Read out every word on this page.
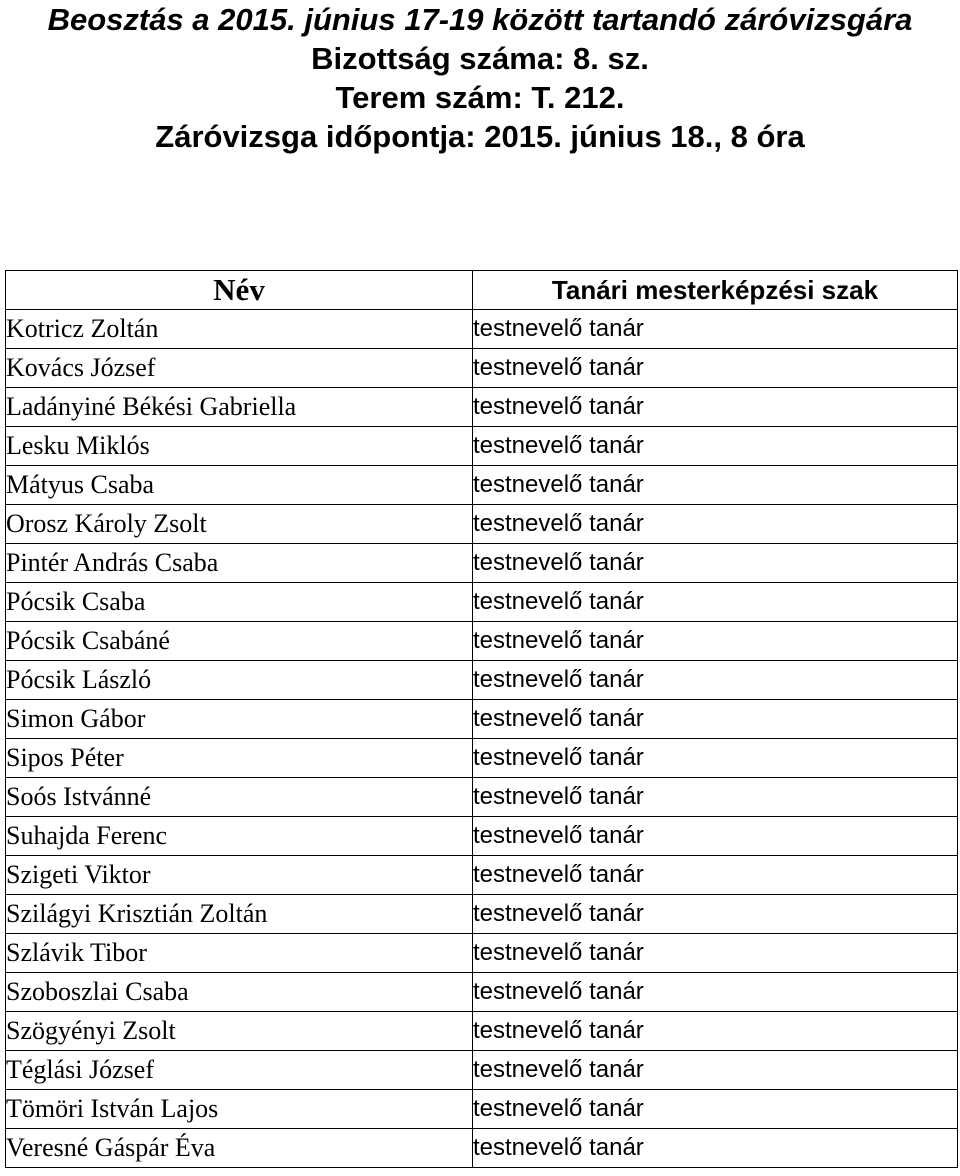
Beosztás a 2015. június 17-19 között tartandó záróvizsgára
Bizottság száma: 8. sz.
Terem szám: T. 212.
Záróvizsga időpontja: 2015. június 18., 8 óra
Név	Tanári mesterképzési szak
Kotricz Zoltán	testnevelő tanár
Kovács József	testnevelő tanár
Ladányiné Békési Gabriella	testnevelő tanár
Lesku Miklós	testnevelő tanár
Mátyus Csaba	testnevelő tanár
Orosz Károly Zsolt	testnevelő tanár
Pintér András Csaba	testnevelő tanár
Pócsik Csaba	testnevelő tanár
Pócsik Csabáné	testnevelő tanár
Pócsik László	testnevelő tanár
Simon Gábor	testnevelő tanár
Sipos Péter	testnevelő tanár
Soós Istvánné	testnevelő tanár
Suhajda Ferenc	testnevelő tanár
Szigeti Viktor	testnevelő tanár
Szilágyi Krisztián Zoltán	testnevelő tanár
Szlávik Tibor	testnevelő tanár
Szoboszlai Csaba	testnevelő tanár
Szögyényi Zsolt	testnevelő tanár
Téglási József	testnevelő tanár
Tömöri István Lajos	testnevelő tanár
Veresné Gáspár Éva	testnevelő tanár
